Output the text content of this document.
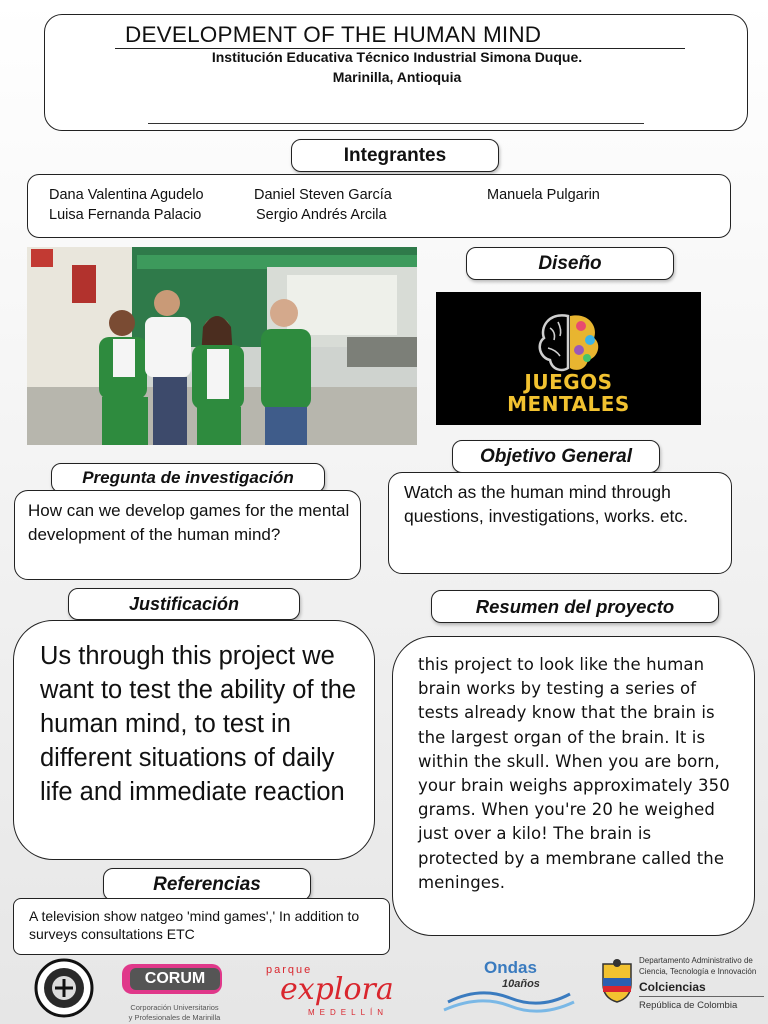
DEVELOPMENT OF THE HUMAN MIND
Institución Educativa Técnico Industrial Simona Duque.
Marinilla, Antioquia
Integrantes
Dana Valentina Agudelo	Daniel Steven García	Manuela Pulgarin
Luisa Fernanda Palacio	Sergio Andrés Arcila
Diseño
JUEGOS
MENTALES
Pregunta de investigación
How can we develop games for the mental development of the human mind?
Objetivo General
Watch as the human mind through questions, investigations, works. etc.
Justificación
Us through this project we want to test the ability of the human mind, to test in different situations of daily life and immediate reaction
Resumen del proyecto
this project to look like the human brain works by testing a series of tests already know that the brain is the largest organ of the brain. It is within the skull. When you are born, your brain weighs approximately 350 grams. When you're 20 he weighed just over a kilo! The brain is protected by a membrane called the meninges.
Referencias
A television show natgeo 'mind games',' In addition to surveys consultations ETC
CORUM
Corporación Universitarios
y Profesionales de Marinilla
parque
explora
MEDELLÍN
Ondas
10años
Departamento Administrativo de
Ciencia, Tecnología e Innovación
Colciencias
República de Colombia
